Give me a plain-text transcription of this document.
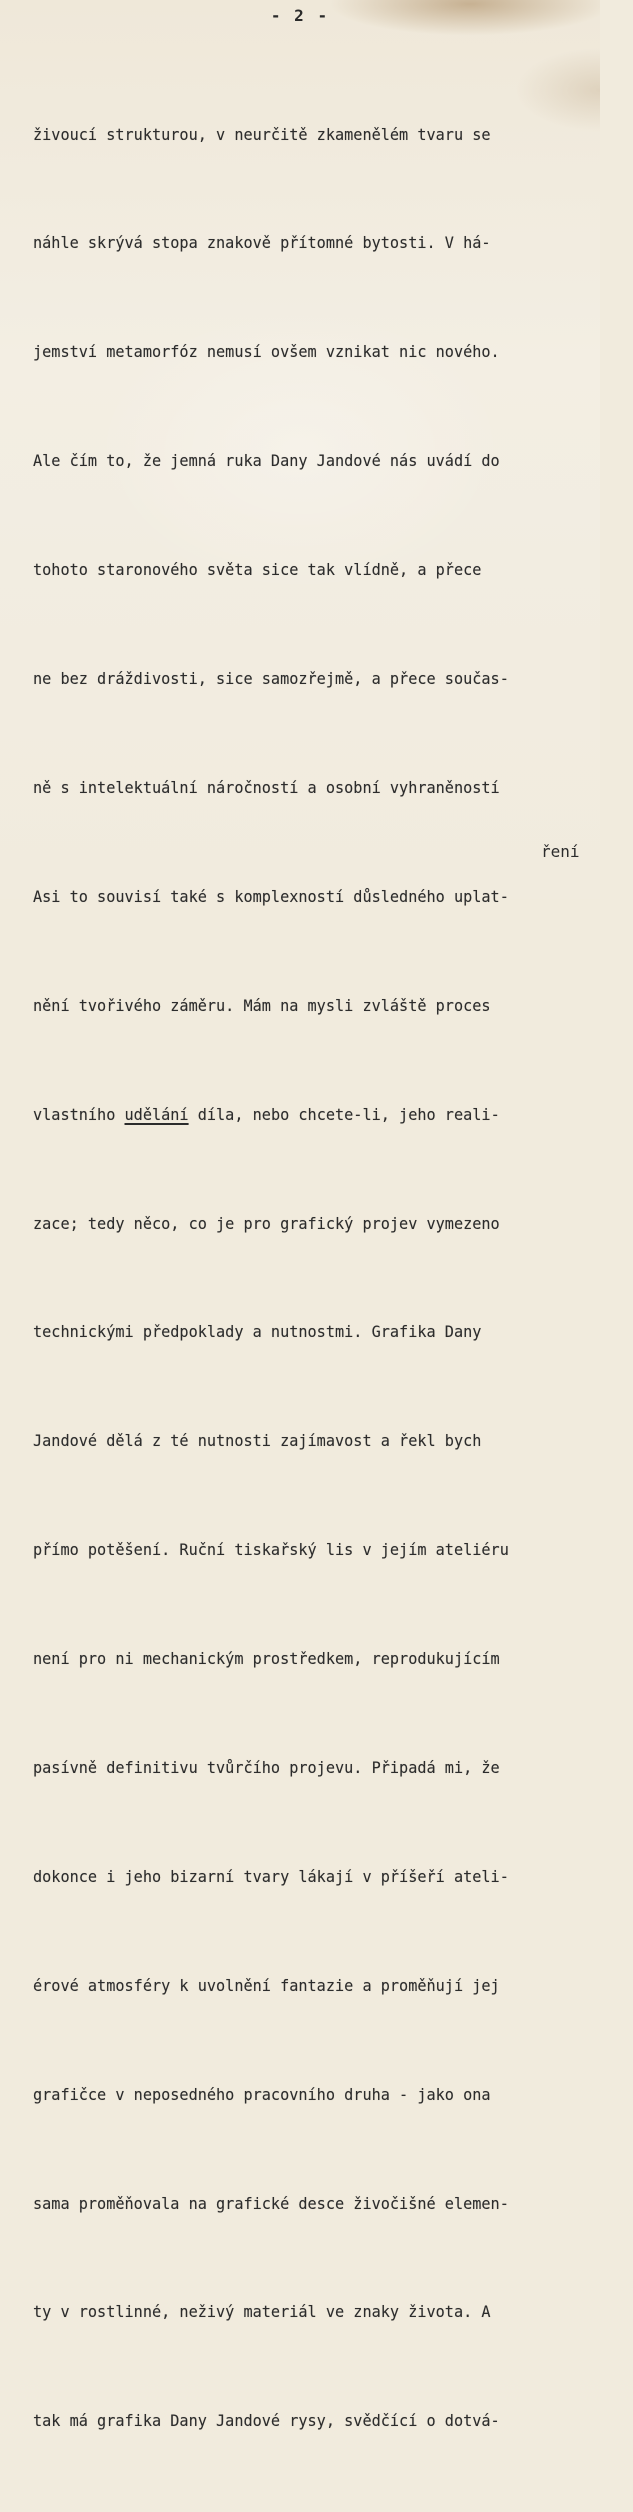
- 2 -

živoucí strukturou, v neurčitě zkamenělém tvaru se

náhle skrývá stopa znakově přítomné bytosti. V há-

jemství metamorfóz nemusí ovšem vznikat nic nového.

Ale čím to, že jemná ruka Dany Jandové nás uvádí do

tohoto staronového světa sice tak vlídně, a přece

ne bez dráždivosti, sice samozřejmě, a přece součas-

ně s intelektuální náročností a osobní vyhraněností

Asi to souvisí také s komplexností důsledného uplat-

nění tvořivého záměru. Mám na mysli zvláště proces

vlastního udělání díla, nebo chcete-li, jeho reali-

zace; tedy něco, co je pro grafický projev vymezeno

technickými předpoklady a nutnostmi. Grafika Dany

Jandové dělá z té nutnosti zajímavost a řekl bych

přímo potěšení. Ruční tiskařský lis v jejím ateliéru

není pro ni mechanickým prostředkem, reprodukujícím

pasívně definitivu tvůrčího projevu. Připadá mi, že

dokonce i jeho bizarní tvary lákají v příšeří ateli-

érové atmosféry k uvolnění fantazie a proměňují jej

grafičce v neposedného pracovního druha - jako ona

sama proměňovala na grafické desce živočišné elemen-

ty v rostlinné, neživý materiál ve znaky života. A

tak má grafika Dany Jandové rysy, svědčící o dotvá-

ření
